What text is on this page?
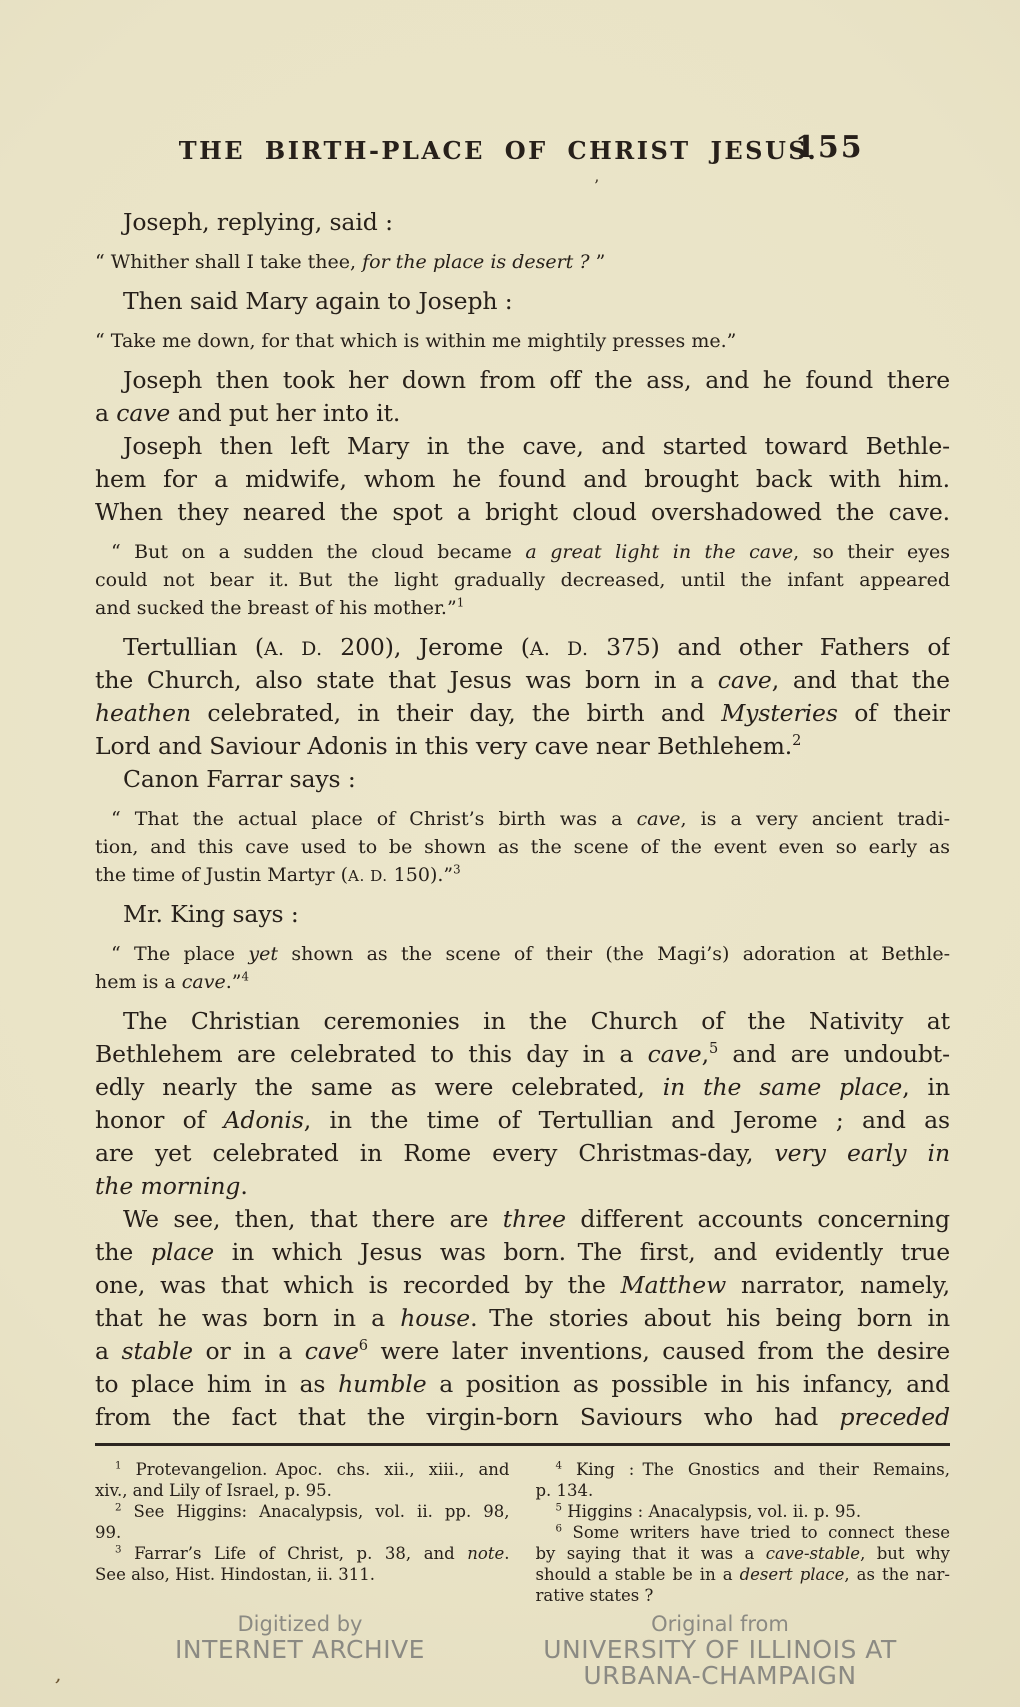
THE BIRTH-PLACE OF CHRIST JESUS.
155
Joseph, replying, said :
“ Whither shall I take thee, for the place is desert ? ”
Then said Mary again to Joseph :
“ Take me down, for that which is within me mightily presses me.”
Joseph then took her down from off the ass, and he found there
a cave and put her into it.
Joseph then left Mary in the cave, and started toward Bethle-
hem for a midwife, whom he found and brought back with him.
When they neared the spot a bright cloud overshadowed the cave.
“ But on a sudden the cloud became a great light in the cave, so their eyes
could not bear it. But the light gradually decreased, until the infant appeared
and sucked the breast of his mother.”$^1$
Tertullian (A. D. 200), Jerome (A. D. 375) and other Fathers of
the Church, also state that Jesus was born in a cave, and that the
heathen celebrated, in their day, the birth and Mysteries of their
Lord and Saviour Adonis in this very cave near Bethlehem.$^2$
Canon Farrar says :
“ That the actual place of Christ’s birth was a cave, is a very ancient tradi-
tion, and this cave used to be shown as the scene of the event even so early as
the time of Justin Martyr (A. D. 150).”$^3$
Mr. King says :
“ The place yet shown as the scene of their (the Magi’s) adoration at Bethle-
hem is a cave.”$^4$
The Christian ceremonies in the Church of the Nativity at
Bethlehem are celebrated to this day in a cave,$^5$ and are undoubt-
edly nearly the same as were celebrated, in the same place, in
honor of Adonis, in the time of Tertullian and Jerome ; and as
are yet celebrated in Rome every Christmas-day, very early in
the morning.
We see, then, that there are three different accounts concerning
the place in which Jesus was born. The first, and evidently true
one, was that which is recorded by the Matthew narrator, namely,
that he was born in a house. The stories about his being born in
a stable or in a cave$^6$ were later inventions, caused from the desire
to place him in as humble a position as possible in his infancy, and
from the fact that the virgin-born Saviours who had preceded
$^1$ Protevangelion. Apoc. chs. xii., xiii., and
xiv., and Lily of Israel, p. 95.
$^2$ See Higgins: Anacalypsis, vol. ii. pp. 98,
99.
$^3$ Farrar’s Life of Christ, p. 38, and note.
See also, Hist. Hindostan, ii. 311.
$^4$ King : The Gnostics and their Remains,
p. 134.
$^5$ Higgins : Anacalypsis, vol. ii. p. 95.
$^6$ Some writers have tried to connect these
by saying that it was a cave-stable, but why
should a stable be in a desert place, as the nar-
rative states ?
Digitized by
INTERNET ARCHIVE
Original from
UNIVERSITY OF ILLINOIS AT
URBANA-CHAMPAIGN
’
,
